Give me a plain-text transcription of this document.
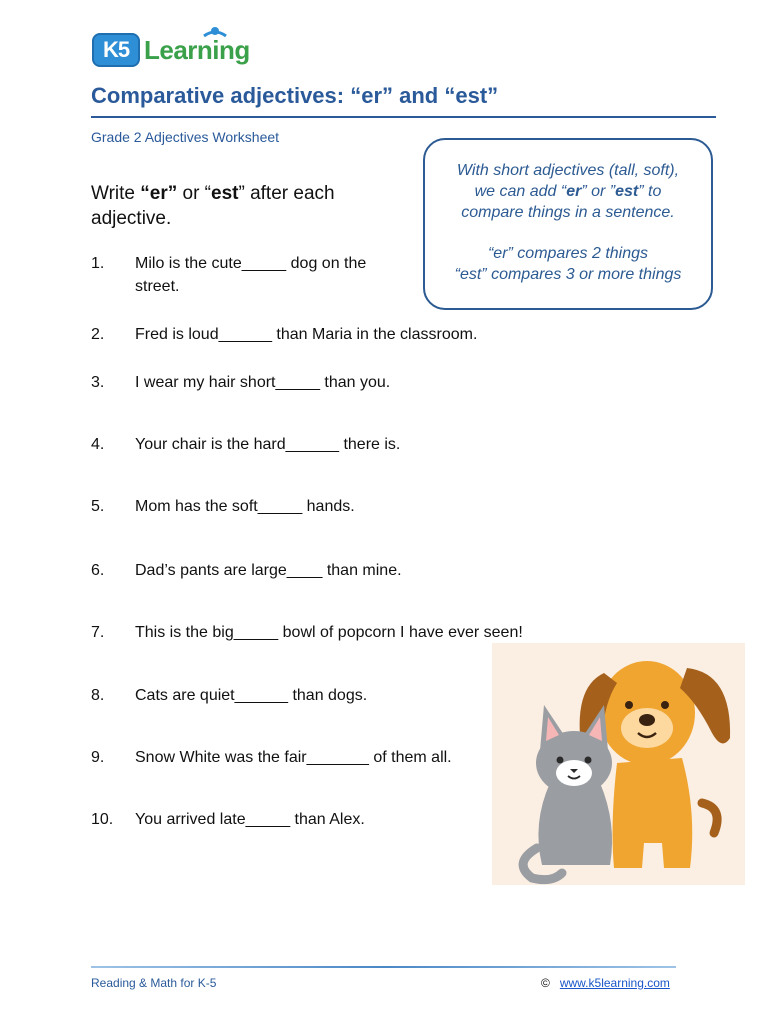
K5 Learning
Comparative adjectives: “er” and “est”
Grade 2 Adjectives Worksheet
Write “er” or “est” after each adjective.
With short adjectives (tall, soft),
we can add “er” or ”est” to
compare things in a sentence.
“er” compares 2 things
“est” compares 3 or more things
1.	Milo is the cute_____ dog on the street.
2.	Fred is loud______ than Maria in the classroom.
3.	I wear my hair short_____ than you.
4.	Your chair is the hard______ there is.
5.	Mom has the soft_____ hands.
6.	Dad’s pants are large____ than mine.
7.	This is the big_____ bowl of popcorn I have ever seen!
8.	Cats are quiet______ than dogs.
9.	Snow White was the fair_______ of them all.
10.	You arrived late_____ than Alex.
Reading & Math for K-5	© www.k5learning.com
